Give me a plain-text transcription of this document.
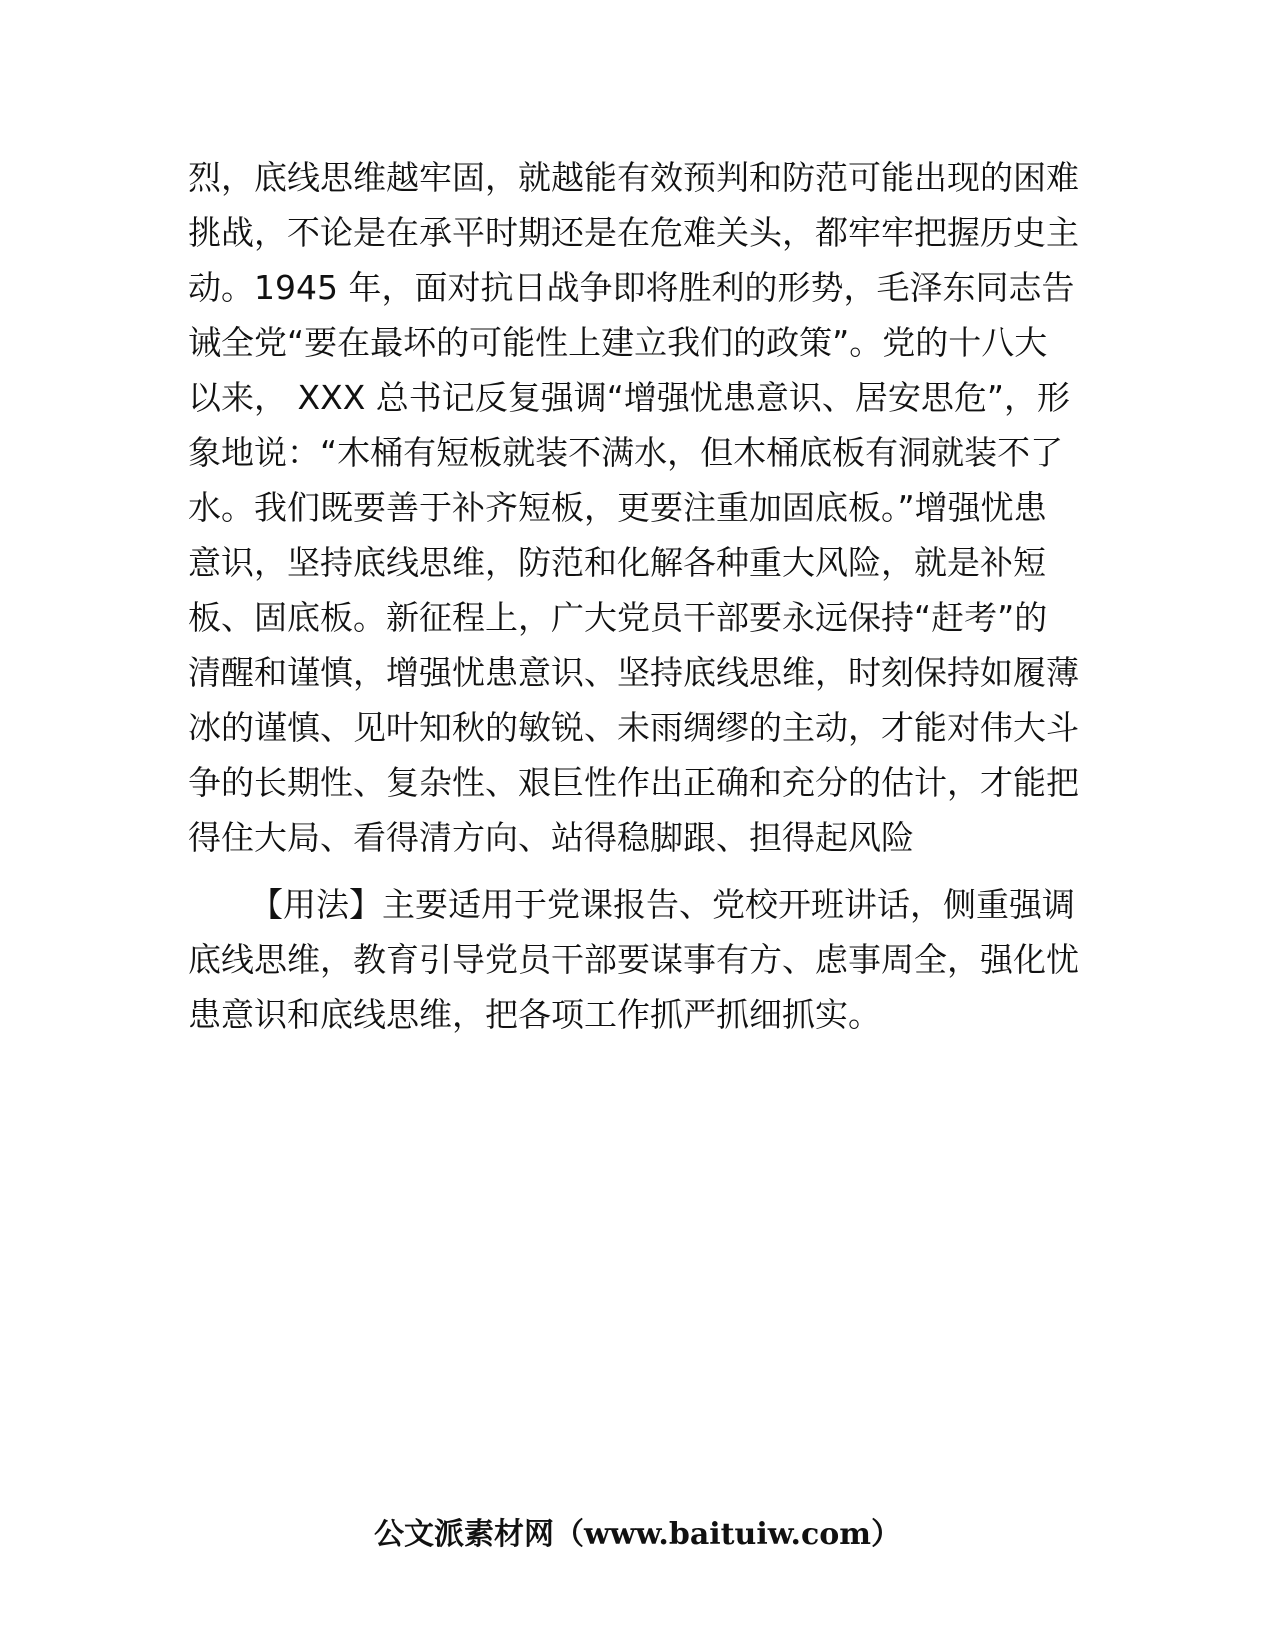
烈，底线思维越牢固，就越能有效预判和防范可能出现的困难
挑战，不论是在承平时期还是在危难关头，都牢牢把握历史主
动。1945 年，面对抗日战争即将胜利的形势，毛泽东同志告
诫全党“要在最坏的可能性上建立我们的政策”。党的十八大
以来， XXX 总书记反复强调“增强忧患意识、居安思危”，形
象地说：“木桶有短板就装不满水，但木桶底板有洞就装不了
水。我们既要善于补齐短板，更要注重加固底板。”增强忧患
意识，坚持底线思维，防范和化解各种重大风险，就是补短
板、固底板。新征程上，广大党员干部要永远保持“赶考”的
清醒和谨慎，增强忧患意识、坚持底线思维，时刻保持如履薄
冰的谨慎、见叶知秋的敏锐、未雨绸缪的主动，才能对伟大斗
争的长期性、复杂性、艰巨性作出正确和充分的估计，才能把
得住大局、看得清方向、站得稳脚跟、担得起风险
【用法】主要适用于党课报告、党校开班讲话，侧重强调
底线思维，教育引导党员干部要谋事有方、虑事周全，强化忧
患意识和底线思维，把各项工作抓严抓细抓实。
公文派素材网（www.baituiw.com）
